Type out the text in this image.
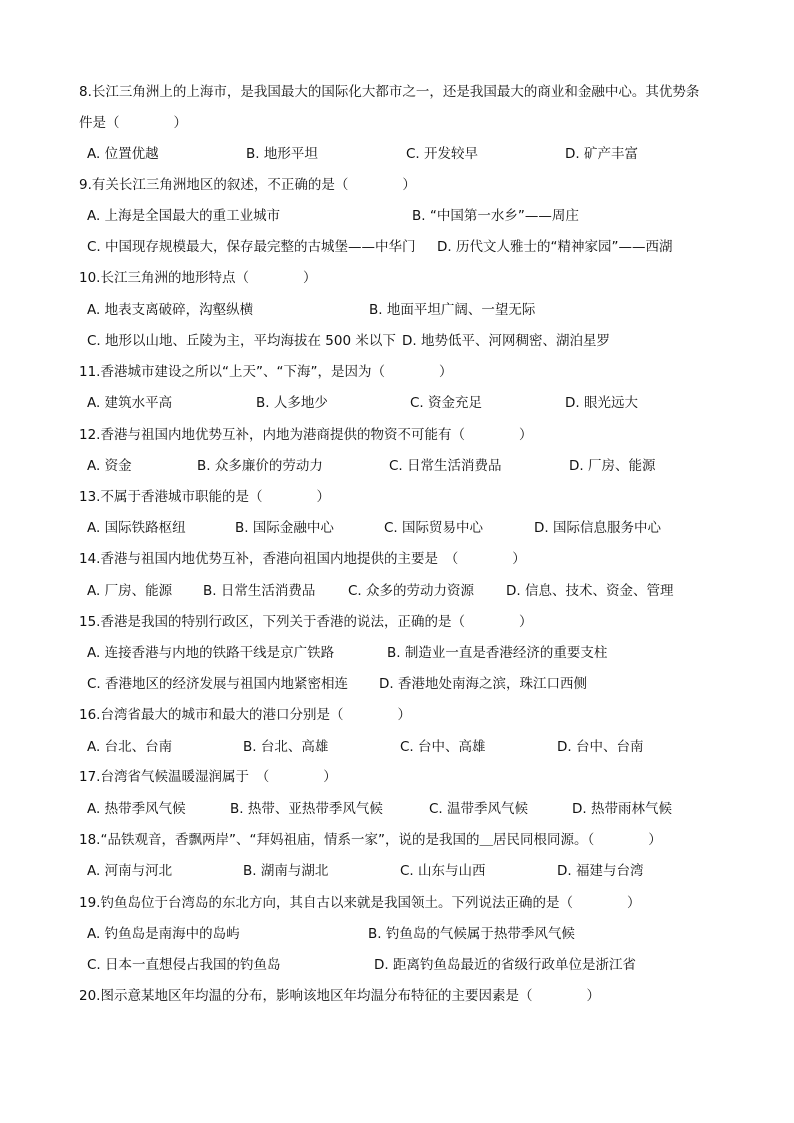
8.长江三角洲上的上海市，是我国最大的国际化大都市之一，还是我国最大的商业和金融中心。其优势条
件是（　　　　）
A. 位置优越	B. 地形平坦	C. 开发较早	D. 矿产丰富
9.有关长江三角洲地区的叙述，不正确的是（　　　　）
A. 上海是全国最大的重工业城市	B. “中国第一水乡”——周庄
C. 中国现存规模最大，保存最完整的古城堡——中华门 D. 历代文人雅士的“精神家园”——西湖
10.长江三角洲的地形特点（　　　　）
A. 地表支离破碎，沟壑纵横	B. 地面平坦广阔、一望无际
C. 地形以山地、丘陵为主，平均海拔在 500 米以下 D. 地势低平、河网稠密、湖泊星罗
11.香港城市建设之所以“上天”、“下海”，是因为（　　　　）
A. 建筑水平高	B. 人多地少	C. 资金充足	D. 眼光远大
12.香港与祖国内地优势互补，内地为港商提供的物资不可能有（　　　　）
A. 资金	B. 众多廉价的劳动力	C. 日常生活消费品	D. 厂房、能源
13.不属于香港城市职能的是（　　　　）
A. 国际铁路枢纽	B. 国际金融中心	C. 国际贸易中心	D. 国际信息服务中心
14.香港与祖国内地优势互补，香港向祖国内地提供的主要是　（　　　　）
A. 厂房、能源 B. 日常生活消费品 C. 众多的劳动力资源 D. 信息、技术、资金、管理
15.香港是我国的特别行政区，下列关于香港的说法，正确的是（　　　　）
A. 连接香港与内地的铁路干线是京广铁路	B. 制造业一直是香港经济的重要支柱
C. 香港地区的经济发展与祖国内地紧密相连 D. 香港地处南海之滨，珠江口西侧
16.台湾省最大的城市和最大的港口分别是（　　　　）
A. 台北、台南	B. 台北、高雄	C. 台中、高雄	D. 台中、台南
17.台湾省气候温暖湿润属于　（　　　　）
A. 热带季风气候	B. 热带、亚热带季风气候	C. 温带季风气候	D. 热带雨林气候
18.“品铁观音，香飘两岸”、“拜妈祖庙，情系一家”，说的是我国的＿居民同根同源。（　　　　）
A. 河南与河北	B. 湖南与湖北	C. 山东与山西	D. 福建与台湾
19.钓鱼岛位于台湾岛的东北方向，其自古以来就是我国领土。下列说法正确的是（　　　　）
A. 钓鱼岛是南海中的岛屿	B. 钓鱼岛的气候属于热带季风气候
C. 日本一直想侵占我国的钓鱼岛	D. 距离钓鱼岛最近的省级行政单位是浙江省
20.图示意某地区年均温的分布，影响该地区年均温分布特征的主要因素是（　　　　）
